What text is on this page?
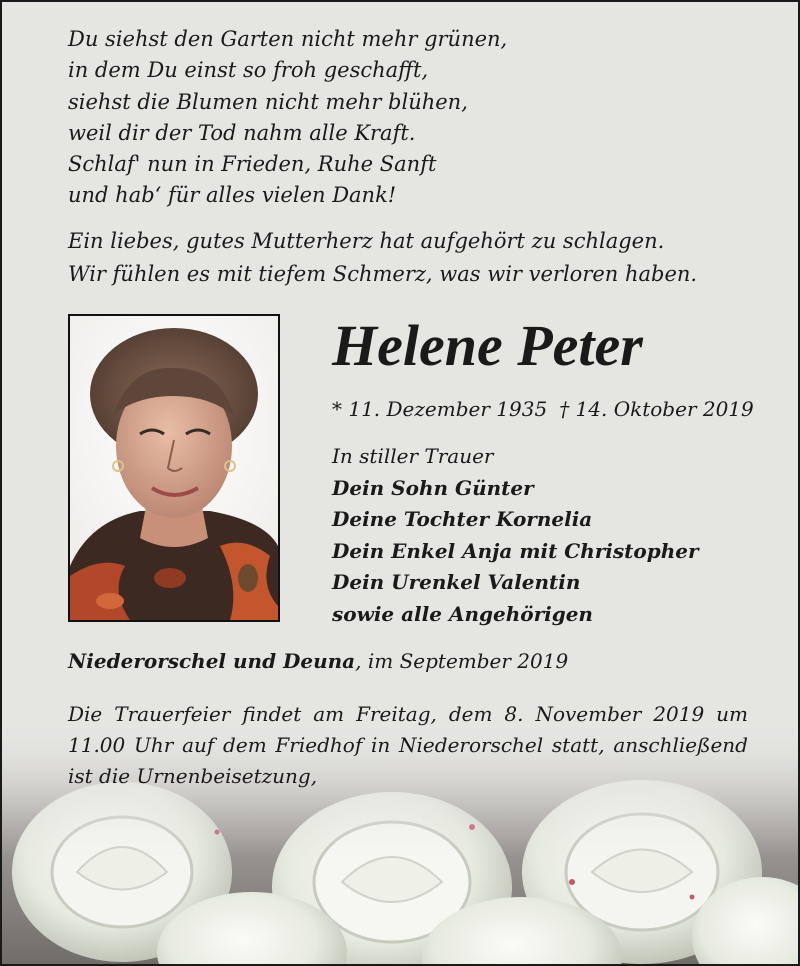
Du siehst den Garten nicht mehr grünen,
in dem Du einst so froh geschafft,
siehst die Blumen nicht mehr blühen,
weil dir der Tod nahm alle Kraft.
Schlaf' nun in Frieden, Ruhe Sanft
und hab‘ für alles vielen Dank!
Ein liebes, gutes Mutterherz hat aufgehört zu schlagen.
Wir fühlen es mit tiefem Schmerz, was wir verloren haben.
Helene Peter
* 11. Dezember 1935 † 14. Oktober 2019
In stiller Trauer
Dein Sohn Günter
Deine Tochter Kornelia
Dein Enkel Anja mit Christopher
Dein Urenkel Valentin
sowie alle Angehörigen
Niederorschel und Deuna, im September 2019
Die Trauerfeier findet am Freitag, dem 8. November 2019 um 11.00 Uhr auf dem Friedhof in Niederorschel statt, anschließend ist die Urnenbeisetzung,
